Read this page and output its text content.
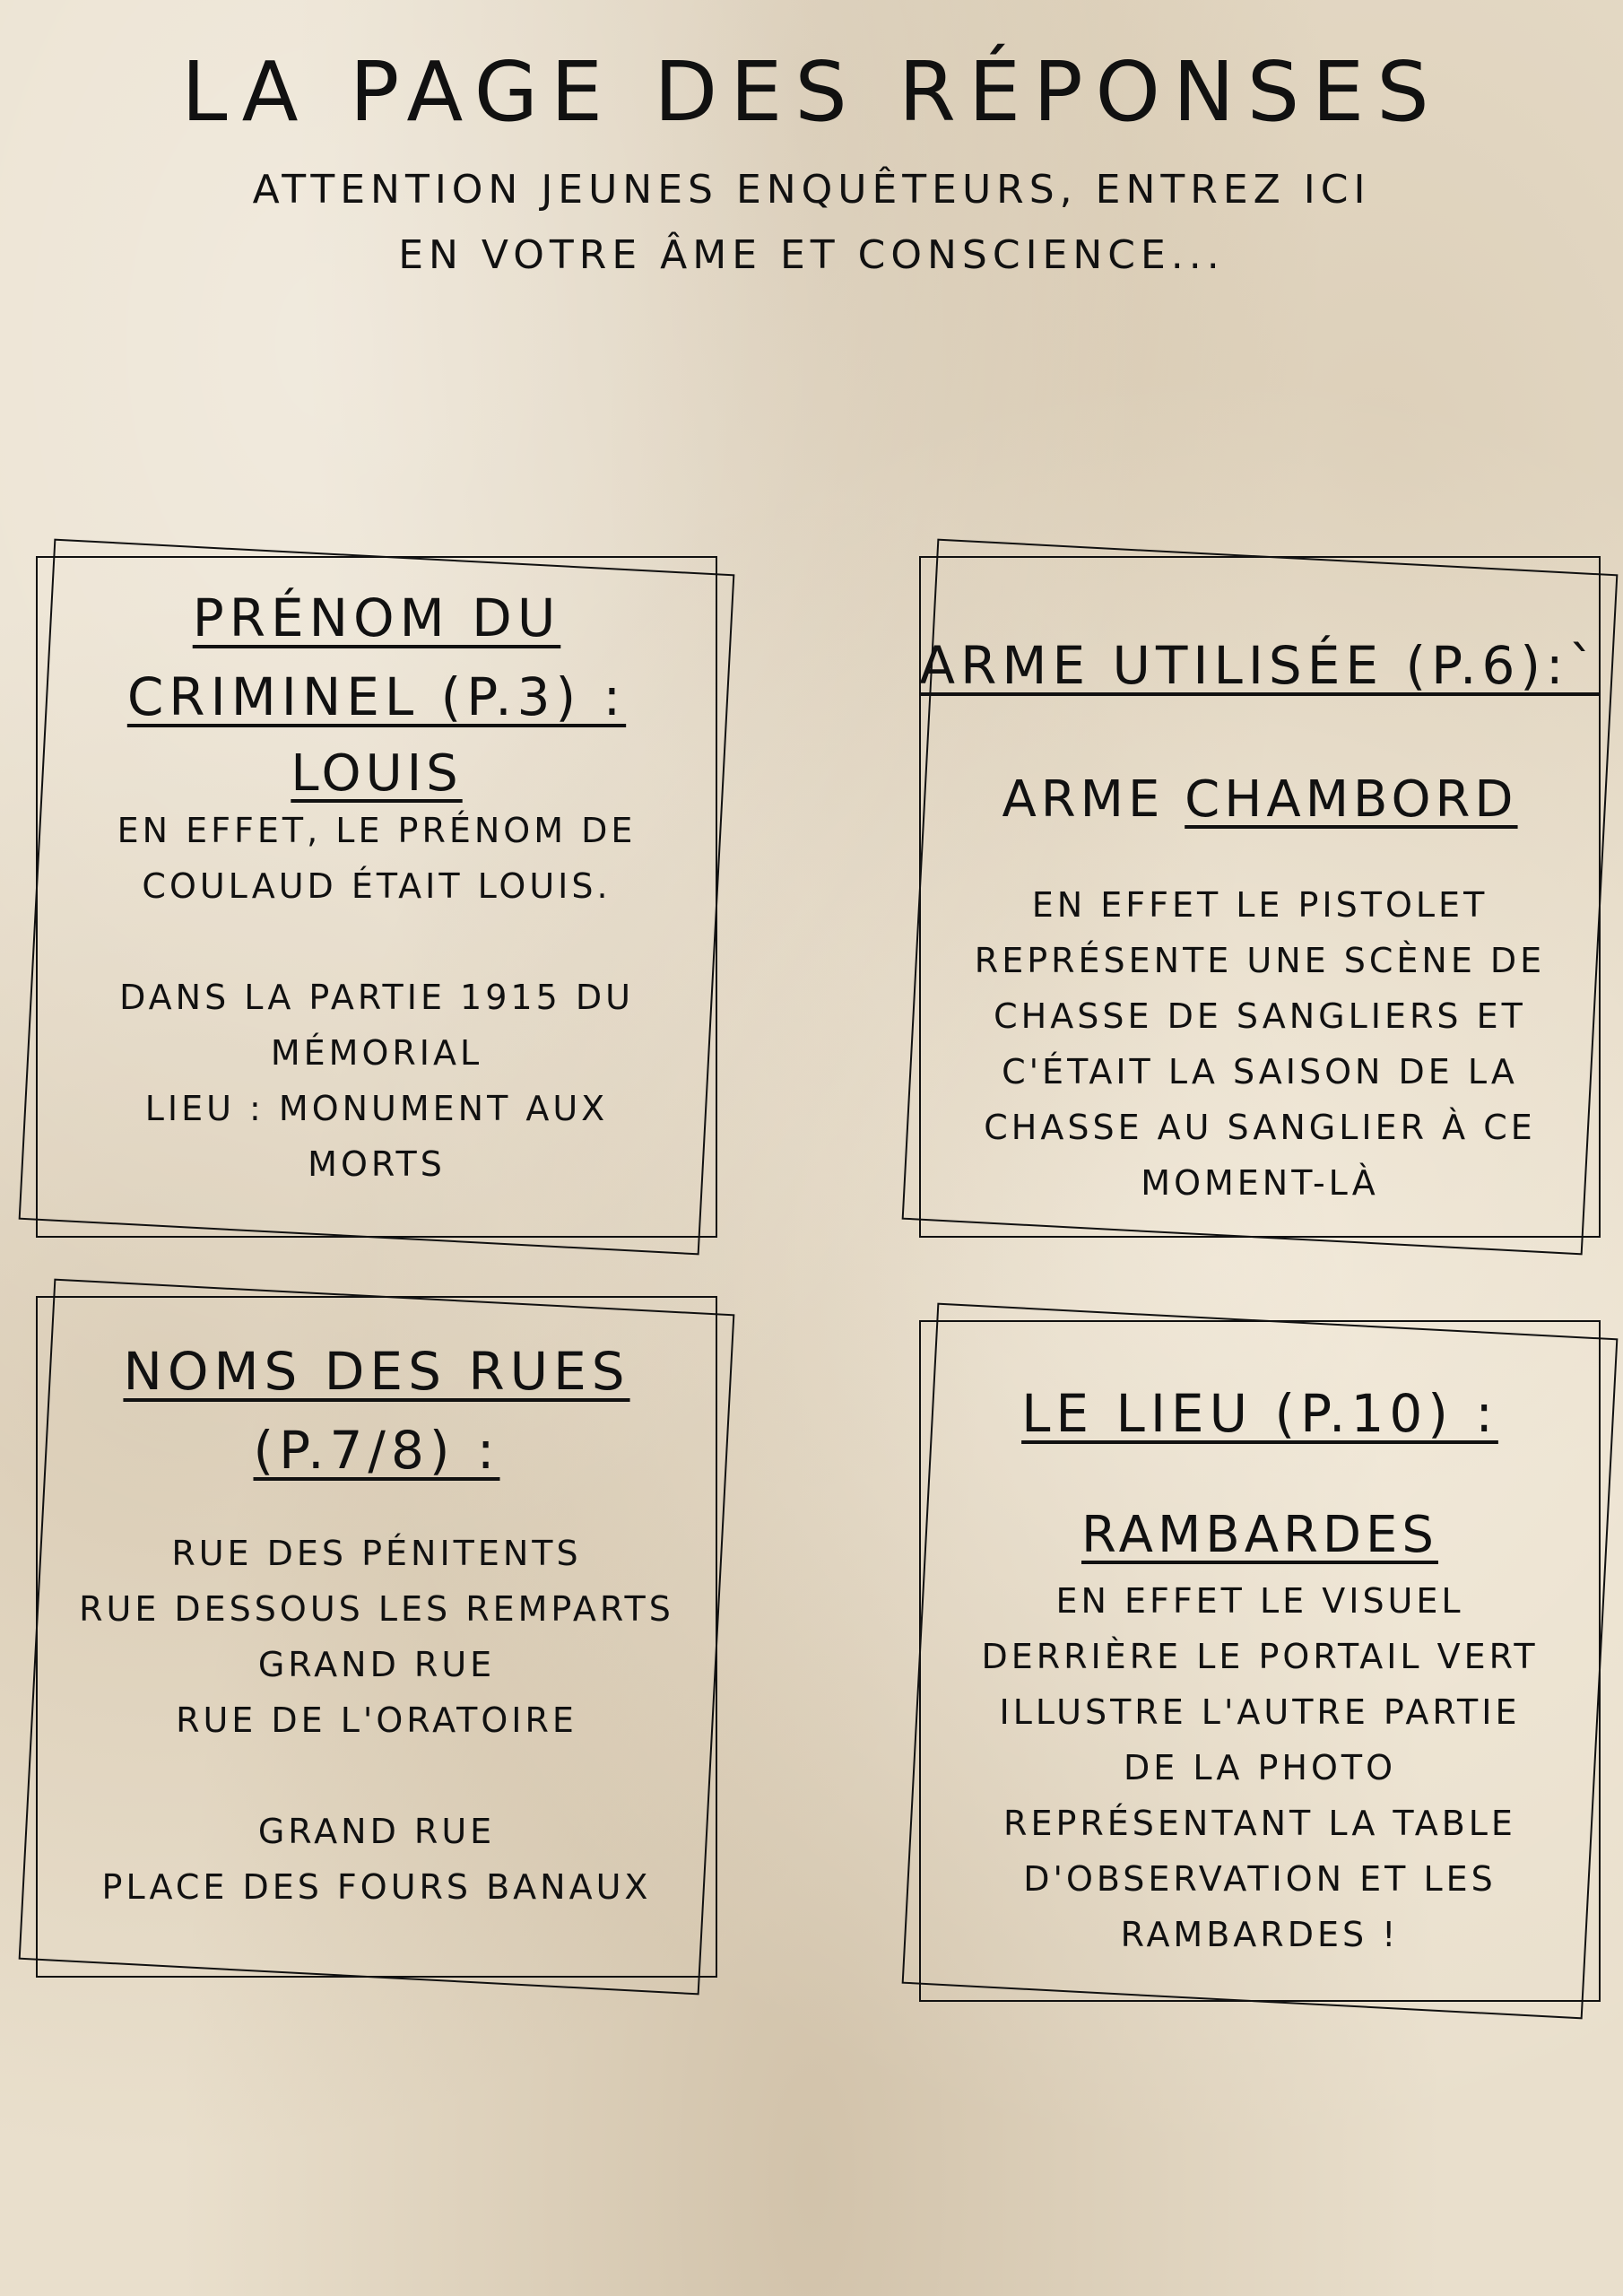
LA PAGE DES RÉPONSES
ATTENTION JEUNES ENQUÊTEURS, ENTREZ ICI
EN VOTRE ÂME ET CONSCIENCE...
PRÉNOM DU
CRIMINEL (P.3) :
LOUIS
EN EFFET, LE PRÉNOM DE
COULAUD ÉTAIT LOUIS.
DANS LA PARTIE 1915 DU
MÉMORIAL
LIEU : MONUMENT AUX
MORTS
ARME UTILISÉE (P.6):`
ARME CHAMBORD
EN EFFET LE PISTOLET
REPRÉSENTE UNE SCÈNE DE
CHASSE DE SANGLIERS ET
C'ÉTAIT LA SAISON DE LA
CHASSE AU SANGLIER À CE
MOMENT-LÀ
NOMS DES RUES
(P.7/8) :
RUE DES PÉNITENTS
RUE DESSOUS LES REMPARTS
GRAND RUE
RUE DE L'ORATOIRE
GRAND RUE
PLACE DES FOURS BANAUX
LE LIEU (P.10) :
RAMBARDES
EN EFFET LE VISUEL
DERRIÈRE LE PORTAIL VERT
ILLUSTRE L'AUTRE PARTIE
DE LA PHOTO
REPRÉSENTANT LA TABLE
D'OBSERVATION ET LES
RAMBARDES !
